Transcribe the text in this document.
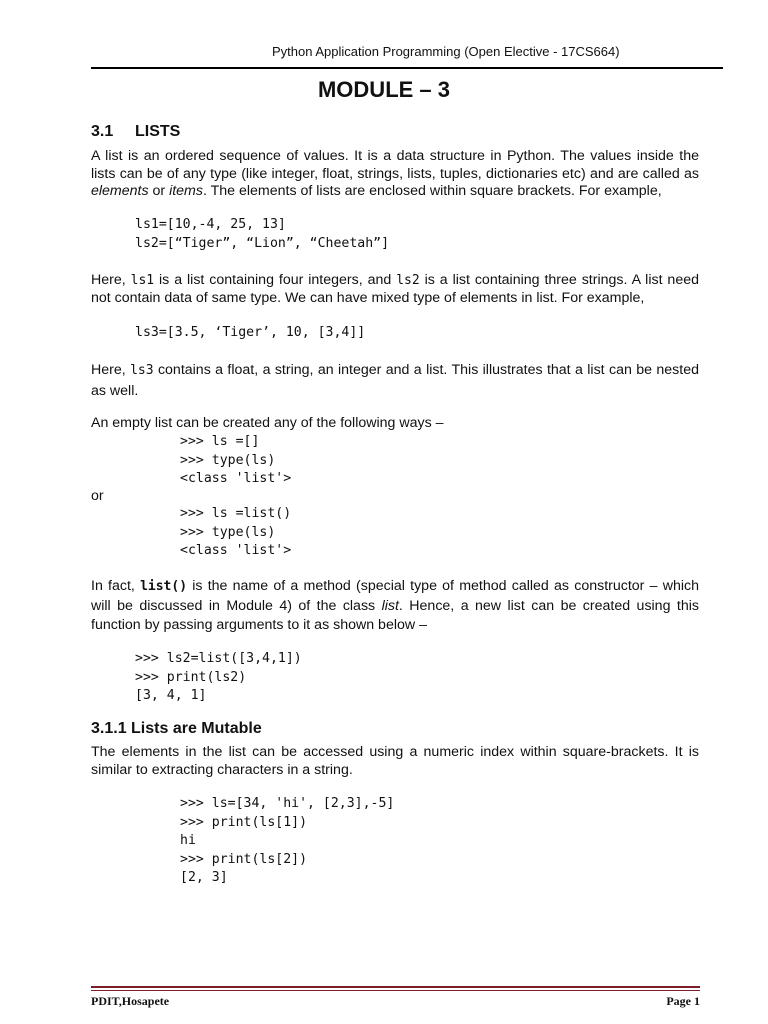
Python Application Programming (Open Elective - 17CS664)
MODULE – 3
3.1 LISTS
A list is an ordered sequence of values. It is a data structure in Python. The values inside the lists can be of any type (like integer, float, strings, lists, tuples, dictionaries etc) and are called as elements or items. The elements of lists are enclosed within square brackets. For example,
ls1=[10,-4, 25, 13]
ls2=[“Tiger”, “Lion”, “Cheetah”]
Here, ls1 is a list containing four integers, and ls2 is a list containing three strings. A list need not contain data of same type. We can have mixed type of elements in list. For example,
ls3=[3.5, ‘Tiger’, 10, [3,4]]
Here, ls3 contains a float, a string, an integer and a list. This illustrates that a list can be nested as well.
An empty list can be created any of the following ways –
>>> ls =[]
>>> type(ls)
<class 'list'>
or
>>> ls =list()
>>> type(ls)
<class 'list'>
In fact, list() is the name of a method (special type of method called as constructor – which will be discussed in Module 4) of the class list. Hence, a new list can be created using this function by passing arguments to it as shown below –
>>> ls2=list([3,4,1])
>>> print(ls2)
[3, 4, 1]
3.1.1 Lists are Mutable
The elements in the list can be accessed using a numeric index within square-brackets. It is similar to extracting characters in a string.
>>> ls=[34, 'hi', [2,3],-5]
>>> print(ls[1])
hi
>>> print(ls[2])
[2, 3]
PDIT,Hosapete	Page 1
